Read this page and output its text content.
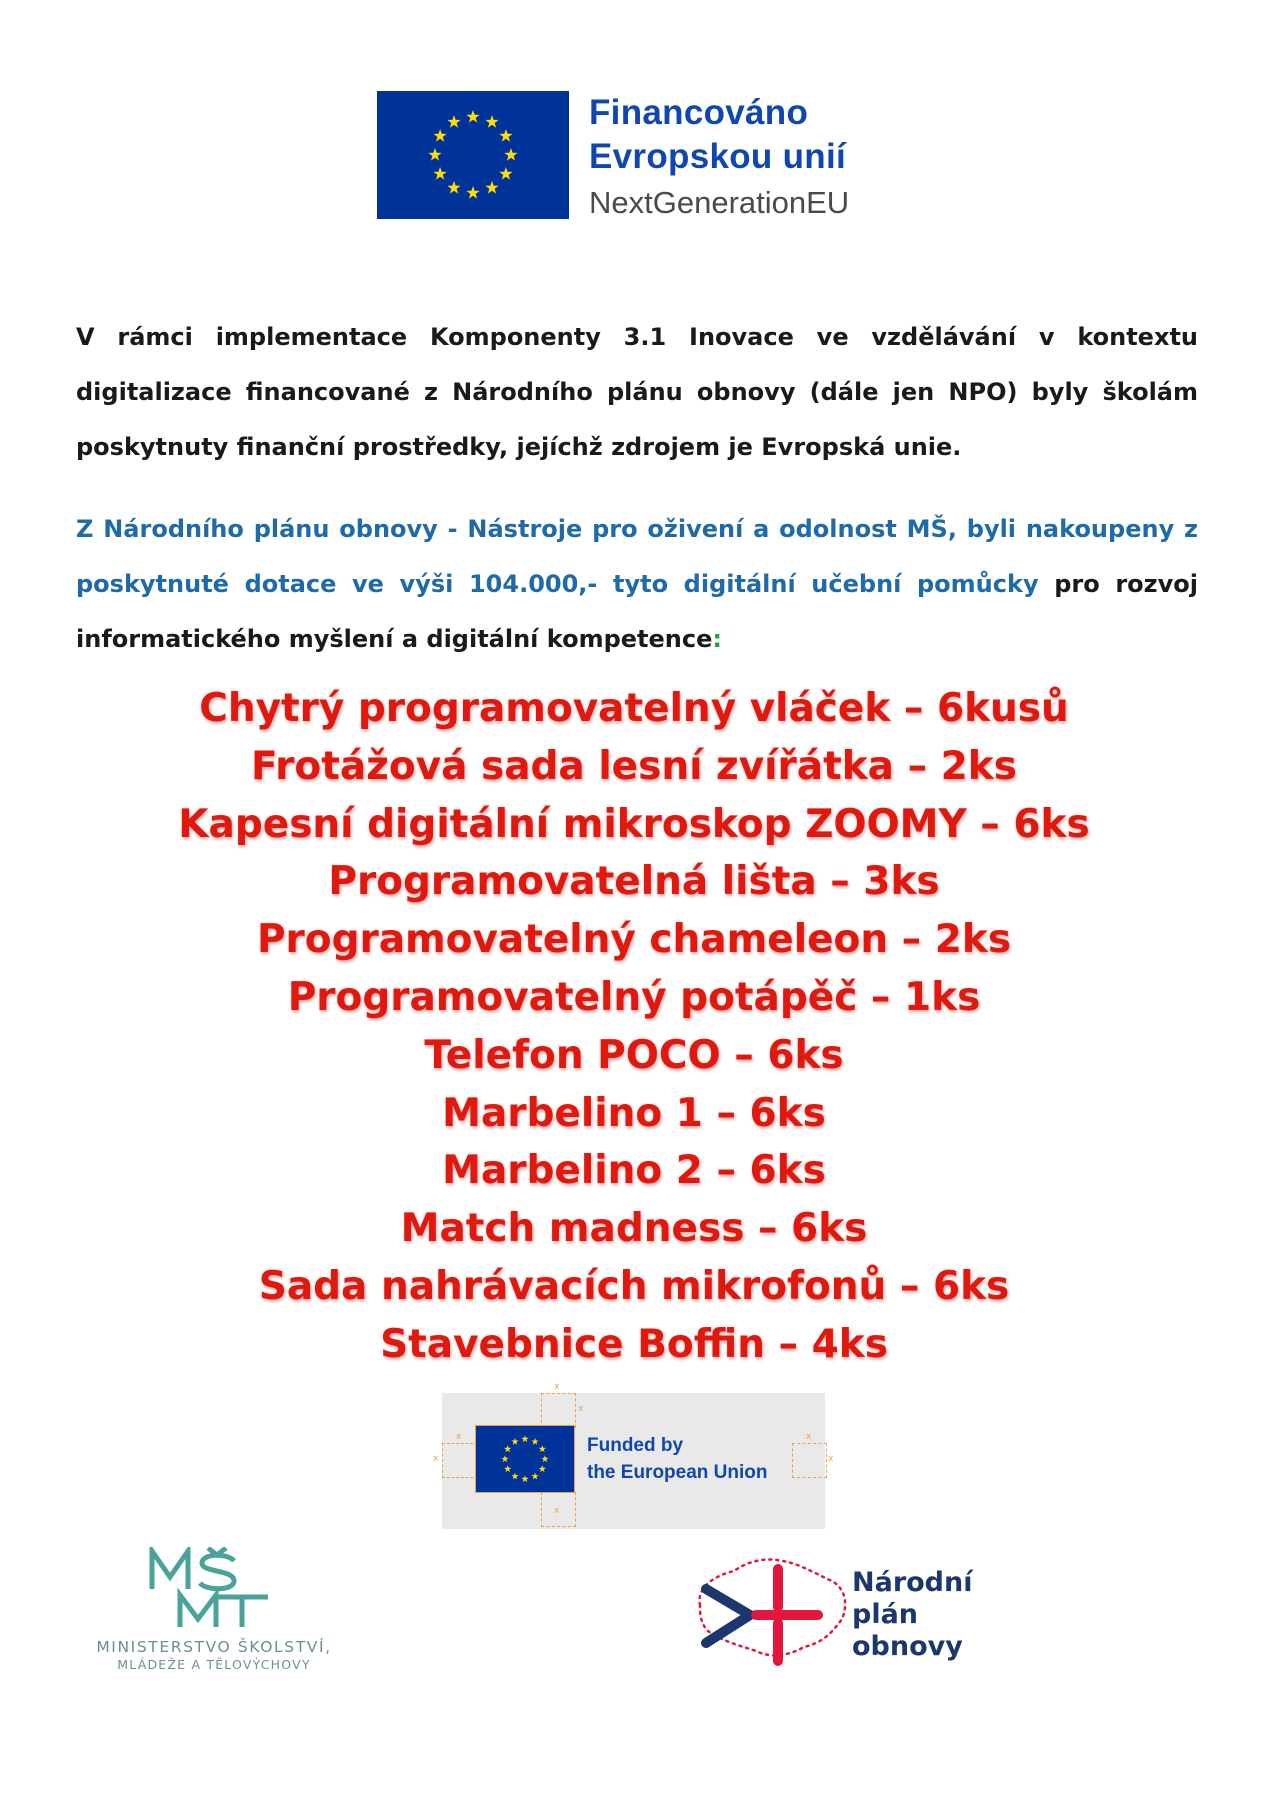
Financováno
Evropskou unií
NextGenerationEU

V rámci implementace Komponenty 3.1 Inovace ve vzdělávání v kontextu digitalizace financované z Národního plánu obnovy (dále jen NPO) byly školám poskytnuty finanční prostředky, jejíchž zdrojem je Evropská unie.

Z Národního plánu obnovy - Nástroje pro oživení a odolnost MŠ, byli nakoupeny z poskytnuté dotace ve výši 104.000,- tyto digitální učební pomůcky pro rozvoj informatického myšlení a digitální kompetence:

Chytrý programovatelný vláček – 6kusů
Frotážová sada lesní zvířátka – 2ks
Kapesní digitální mikroskop ZOOMY – 6ks
Programovatelná lišta – 3ks
Programovatelný chameleon – 2ks
Programovatelný potápěč – 1ks
Telefon POCO – 6ks
Marbelino 1 – 6ks
Marbelino 2 – 6ks
Match madness – 6ks
Sada nahrávacích mikrofonů – 6ks
Stavebnice Boffin – 4ks
x
x
x
x
x
x
x
Funded by
the European Union
MINISTERSTVO ŠKOLSTVÍ,
MLÁDEŽE A TĚLOVÝCHOVY
Národní
plán
obnovy
